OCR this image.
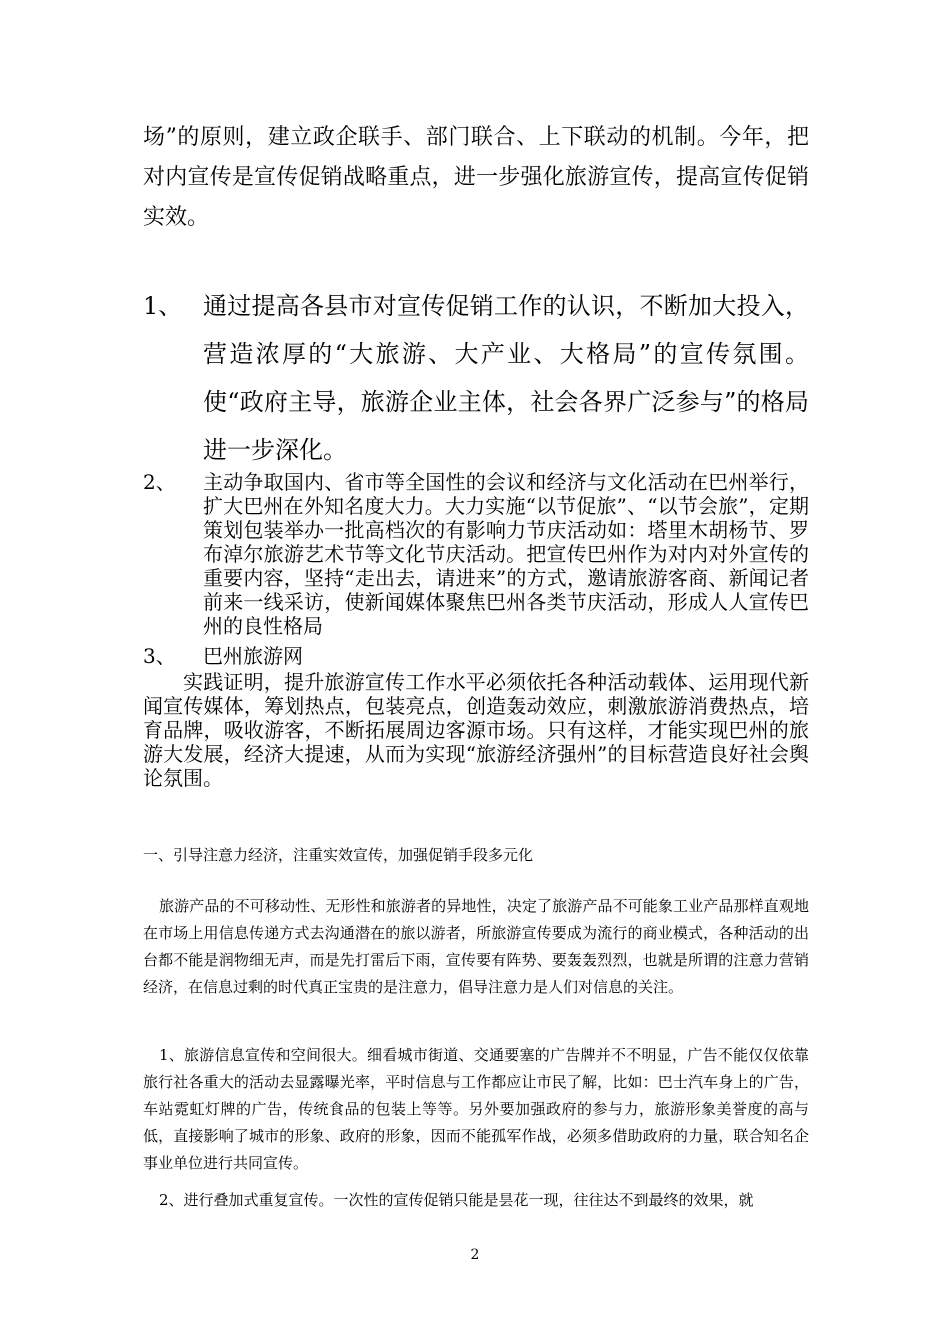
场”的原则，建立政企联手、部门联合、上下联动的机制。今年，把对内宣传是宣传促销战略重点，进一步强化旅游宣传，提高宣传促销实效。

1、 通过提高各县市对宣传促销工作的认识，不断加大投入，营造浓厚的“大旅游、大产业、大格局”的宣传氛围。使“政府主导，旅游企业主体，社会各界广泛参与”的格局进一步深化。
2、	主动争取国内、省市等全国性的会议和经济与文化活动在巴州举行，扩大巴州在外知名度大力。大力实施“以节促旅”、“以节会旅”，定期策划包装举办一批高档次的有影响力节庆活动如：塔里木胡杨节、罗布淖尔旅游艺术节等文化节庆活动。把宣传巴州作为对内对外宣传的重要内容，坚持“走出去，请进来”的方式，邀请旅游客商、新闻记者前来一线采访，使新闻媒体聚焦巴州各类节庆活动，形成人人宣传巴州的良性格局
3、	巴州旅游网

实践证明，提升旅游宣传工作水平必须依托各种活动载体、运用现代新闻宣传媒体，筹划热点，包装亮点，创造轰动效应，刺激旅游消费热点，培育品牌，吸收游客，不断拓展周边客源市场。只有这样，才能实现巴州的旅游大发展，经济大提速，从而为实现“旅游经济强州”的目标营造良好社会舆论氛围。

一、引导注意力经济，注重实效宣传，加强促销手段多元化

旅游产品的不可移动性、无形性和旅游者的异地性，决定了旅游产品不可能象工业产品那样直观地在市场上用信息传递方式去沟通潜在的旅以游者，所旅游宣传要成为流行的商业模式，各种活动的出台都不能是润物细无声，而是先打雷后下雨，宣传要有阵势、要轰轰烈烈，也就是所谓的注意力营销经济，在信息过剩的时代真正宝贵的是注意力，倡导注意力是人们对信息的关注。

1、旅游信息宣传和空间很大。细看城市街道、交通要塞的广告牌并不不明显，广告不能仅仅依靠旅行社各重大的活动去显露曝光率，平时信息与工作都应让市民了解，比如：巴士汽车身上的广告，车站霓虹灯牌的广告，传统食品的包装上等等。另外要加强政府的参与力，旅游形象美誉度的高与低，直接影响了城市的形象、政府的形象，因而不能孤军作战，必须多借助政府的力量，联合知名企事业单位进行共同宣传。

2、进行叠加式重复宣传。一次性的宣传促销只能是昙花一现，往往达不到最终的效果，就

2
